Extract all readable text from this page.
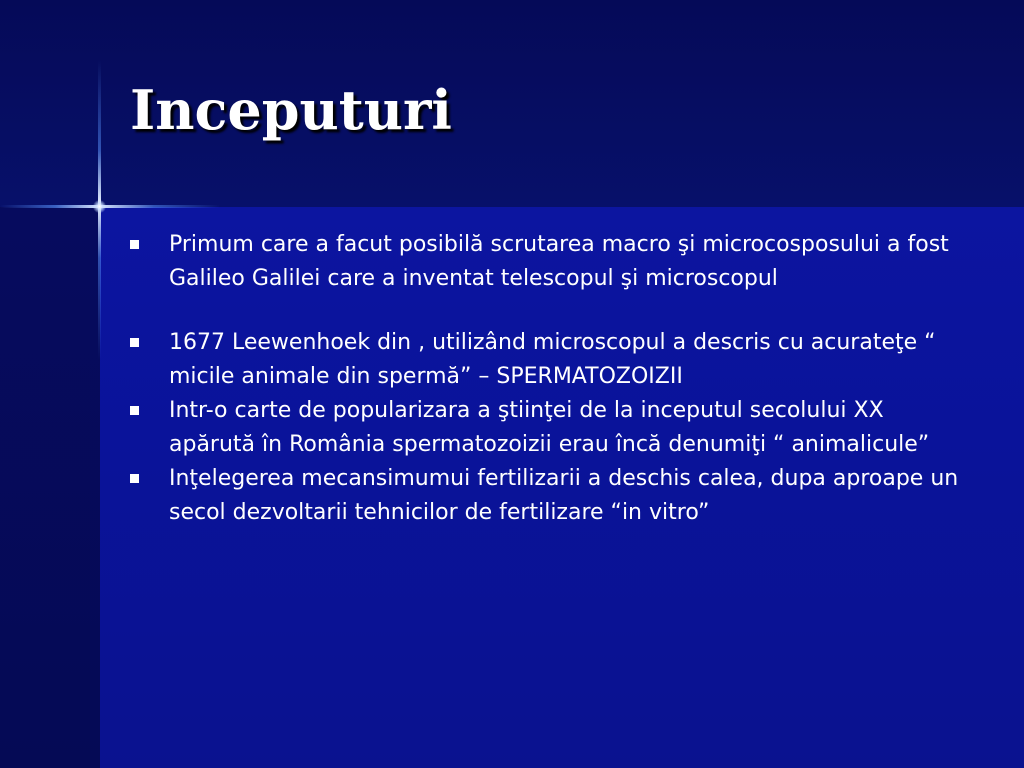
Inceputuri
Primum care a facut posibilă scrutarea macro şi microcosposului a fost Galileo Galilei care a inventat telescopul şi microscopul
1677 Leewenhoek din , utilizând microscopul a descris cu acurateţe “ micile animale din spermă” – SPERMATOZOIZII
Intr-o carte de popularizara a ştiinţei de la inceputul secolului XX apărută în România spermatozoizii erau încă denumiţi “ animalicule”
Inţelegerea mecansimumui fertilizarii a deschis calea, dupa aproape un secol dezvoltarii tehnicilor de fertilizare “in vitro”
